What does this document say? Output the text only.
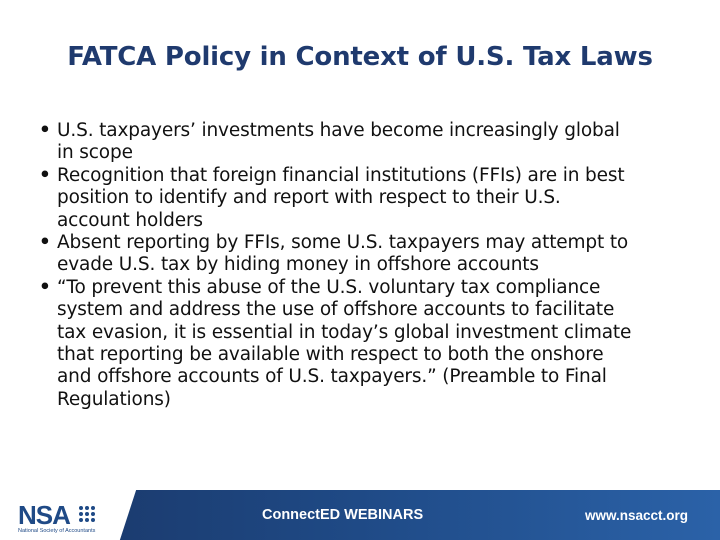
FATCA Policy in Context of U.S. Tax Laws
• U.S. taxpayers’ investments have become increasingly global
in scope
• Recognition that foreign financial institutions (FFIs) are in best
position to identify and report with respect to their U.S.
account holders
• Absent reporting by FFIs, some U.S. taxpayers may attempt to
evade U.S. tax by hiding money in offshore accounts
• “To prevent this abuse of the U.S. voluntary tax compliance
system and address the use of offshore accounts to facilitate
tax evasion, it is essential in today’s global investment climate
that reporting be available with respect to both the onshore
and offshore accounts of U.S. taxpayers.” (Preamble to Final
Regulations)
NSA
National Society of Accountants
ConnectED WEBINARS	www.nsacct.org
